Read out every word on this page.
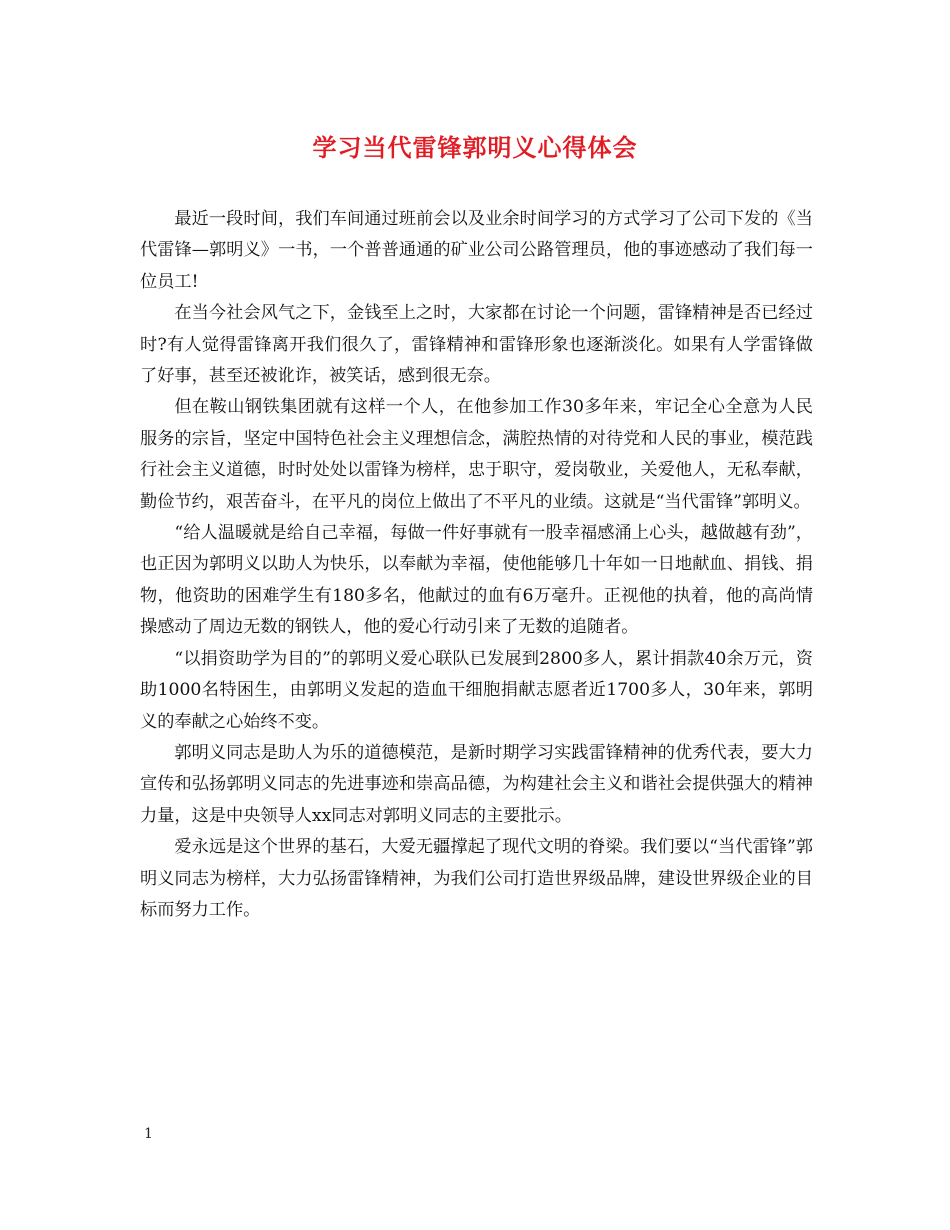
学习当代雷锋郭明义心得体会

最近一段时间，我们车间通过班前会以及业余时间学习的方式学习了公司下发的《当代雷锋—郭明义》一书，一个普普通通的矿业公司公路管理员，他的事迹感动了我们每一位员工!

在当今社会风气之下，金钱至上之时，大家都在讨论一个问题，雷锋精神是否已经过时?有人觉得雷锋离开我们很久了，雷锋精神和雷锋形象也逐渐淡化。如果有人学雷锋做了好事，甚至还被讹诈，被笑话，感到很无奈。

但在鞍山钢铁集团就有这样一个人，在他参加工作30多年来，牢记全心全意为人民服务的宗旨，坚定中国特色社会主义理想信念，满腔热情的对待党和人民的事业，模范践行社会主义道德，时时处处以雷锋为榜样，忠于职守，爱岗敬业，关爱他人，无私奉献，勤俭节约，艰苦奋斗，在平凡的岗位上做出了不平凡的业绩。这就是“当代雷锋”郭明义。

“给人温暖就是给自己幸福，每做一件好事就有一股幸福感涌上心头，越做越有劲”，也正因为郭明义以助人为快乐，以奉献为幸福，使他能够几十年如一日地献血、捐钱、捐物，他资助的困难学生有180多名，他献过的血有6万毫升。正视他的执着，他的高尚情操感动了周边无数的钢铁人，他的爱心行动引来了无数的追随者。

“以捐资助学为目的”的郭明义爱心联队已发展到2800多人，累计捐款40余万元，资助1000名特困生，由郭明义发起的造血干细胞捐献志愿者近1700多人，30年来，郭明义的奉献之心始终不变。

郭明义同志是助人为乐的道德模范，是新时期学习实践雷锋精神的优秀代表，要大力宣传和弘扬郭明义同志的先进事迹和崇高品德，为构建社会主义和谐社会提供强大的精神力量，这是中央领导人xx同志对郭明义同志的主要批示。

爱永远是这个世界的基石，大爱无疆撑起了现代文明的脊梁。我们要以“当代雷锋”郭明义同志为榜样，大力弘扬雷锋精神，为我们公司打造世界级品牌，建设世界级企业的目标而努力工作。

1
